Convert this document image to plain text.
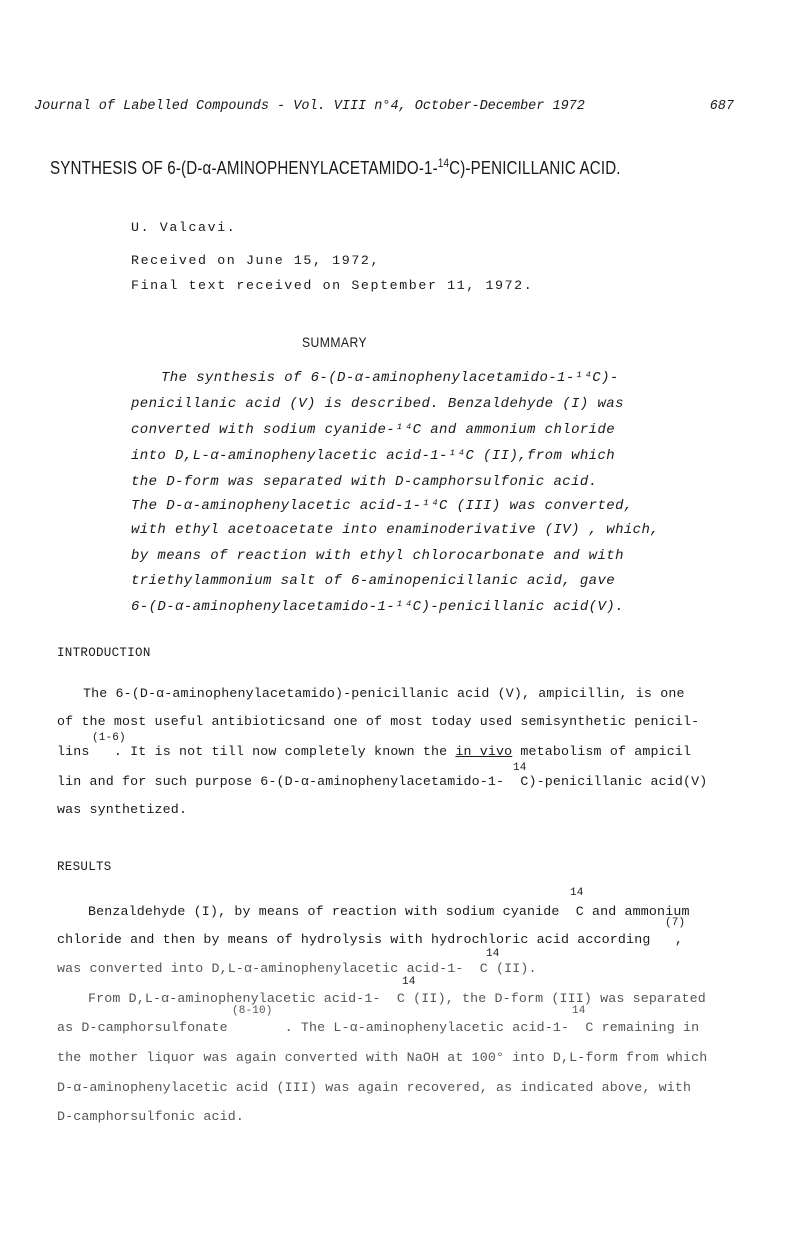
Journal of Labelled Compounds - Vol. VIII n°4, October-December 1972

	687

SYNTHESIS OF 6-(D-α-AMINOPHENYLACETAMIDO-1-$^{14}$C)-PENICILLANIC ACID.
U. Valcavi.
Received on June 15, 1972,
Final text received on September 11, 1972.
SUMMARY
The synthesis of 6-(D-α-aminophenylacetamido-1-¹⁴C)-
penicillanic acid (V) is described. Benzaldehyde (I) was
converted with sodium cyanide-¹⁴C and ammonium chloride
into D,L-α-aminophenylacetic acid-1-¹⁴C (II),from which
the D-form was separated with D-camphorsulfonic acid.
The D-α-aminophenylacetic acid-1-¹⁴C (III) was converted,
with ethyl acetoacetate into enaminoderivative (IV) , which,
by means of reaction with ethyl chlorocarbonate and with
triethylammonium salt of 6-aminopenicillanic acid, gave
6-(D-α-aminophenylacetamido-1-¹⁴C)-penicillanic acid(V).
INTRODUCTION
The 6-(D-α-aminophenylacetamido)-penicillanic acid (V), ampicillin, is one
of the most useful antibioticsand one of most today used semisynthetic penicil-
(1-6)
lins   . It is not till now completely known the in vivo metabolism of ampicil
14
lin and for such purpose 6-(D-α-aminophenylacetamido-1-  C)-penicillanic acid(V)
was synthetized.
RESULTS
14
Benzaldehyde (I), by means of reaction with sodium cyanide  C and ammonium
(7)
chloride and then by means of hydrolysis with hydrochloric acid according   ,
14
was converted into D,L-α-aminophenylacetic acid-1-  C (II).
14
From D,L-α-aminophenylacetic acid-1-  C (II), the D-form (III) was separated
(8-10)	14
as D-camphorsulfonate       . The L-α-aminophenylacetic acid-1-  C remaining in
the mother liquor was again converted with NaOH at 100° into D,L-form from which
D-α-aminophenylacetic acid (III) was again recovered, as indicated above, with
D-camphorsulfonic acid.
